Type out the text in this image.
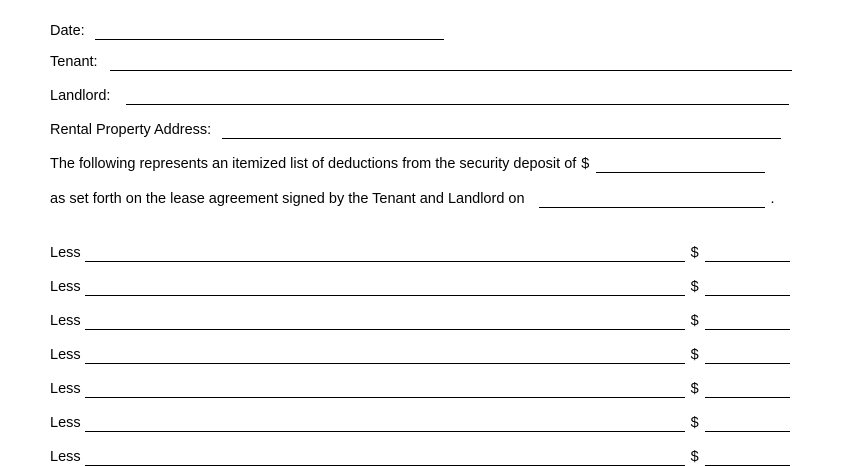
Date:
Tenant:
Landlord:
Rental Property Address:
The following represents an itemized list of deductions from the security deposit of $
as set forth on the lease agreement signed by the Tenant and Landlord on	.
Less	$
Less	$
Less	$
Less	$
Less	$
Less	$
Less	$
